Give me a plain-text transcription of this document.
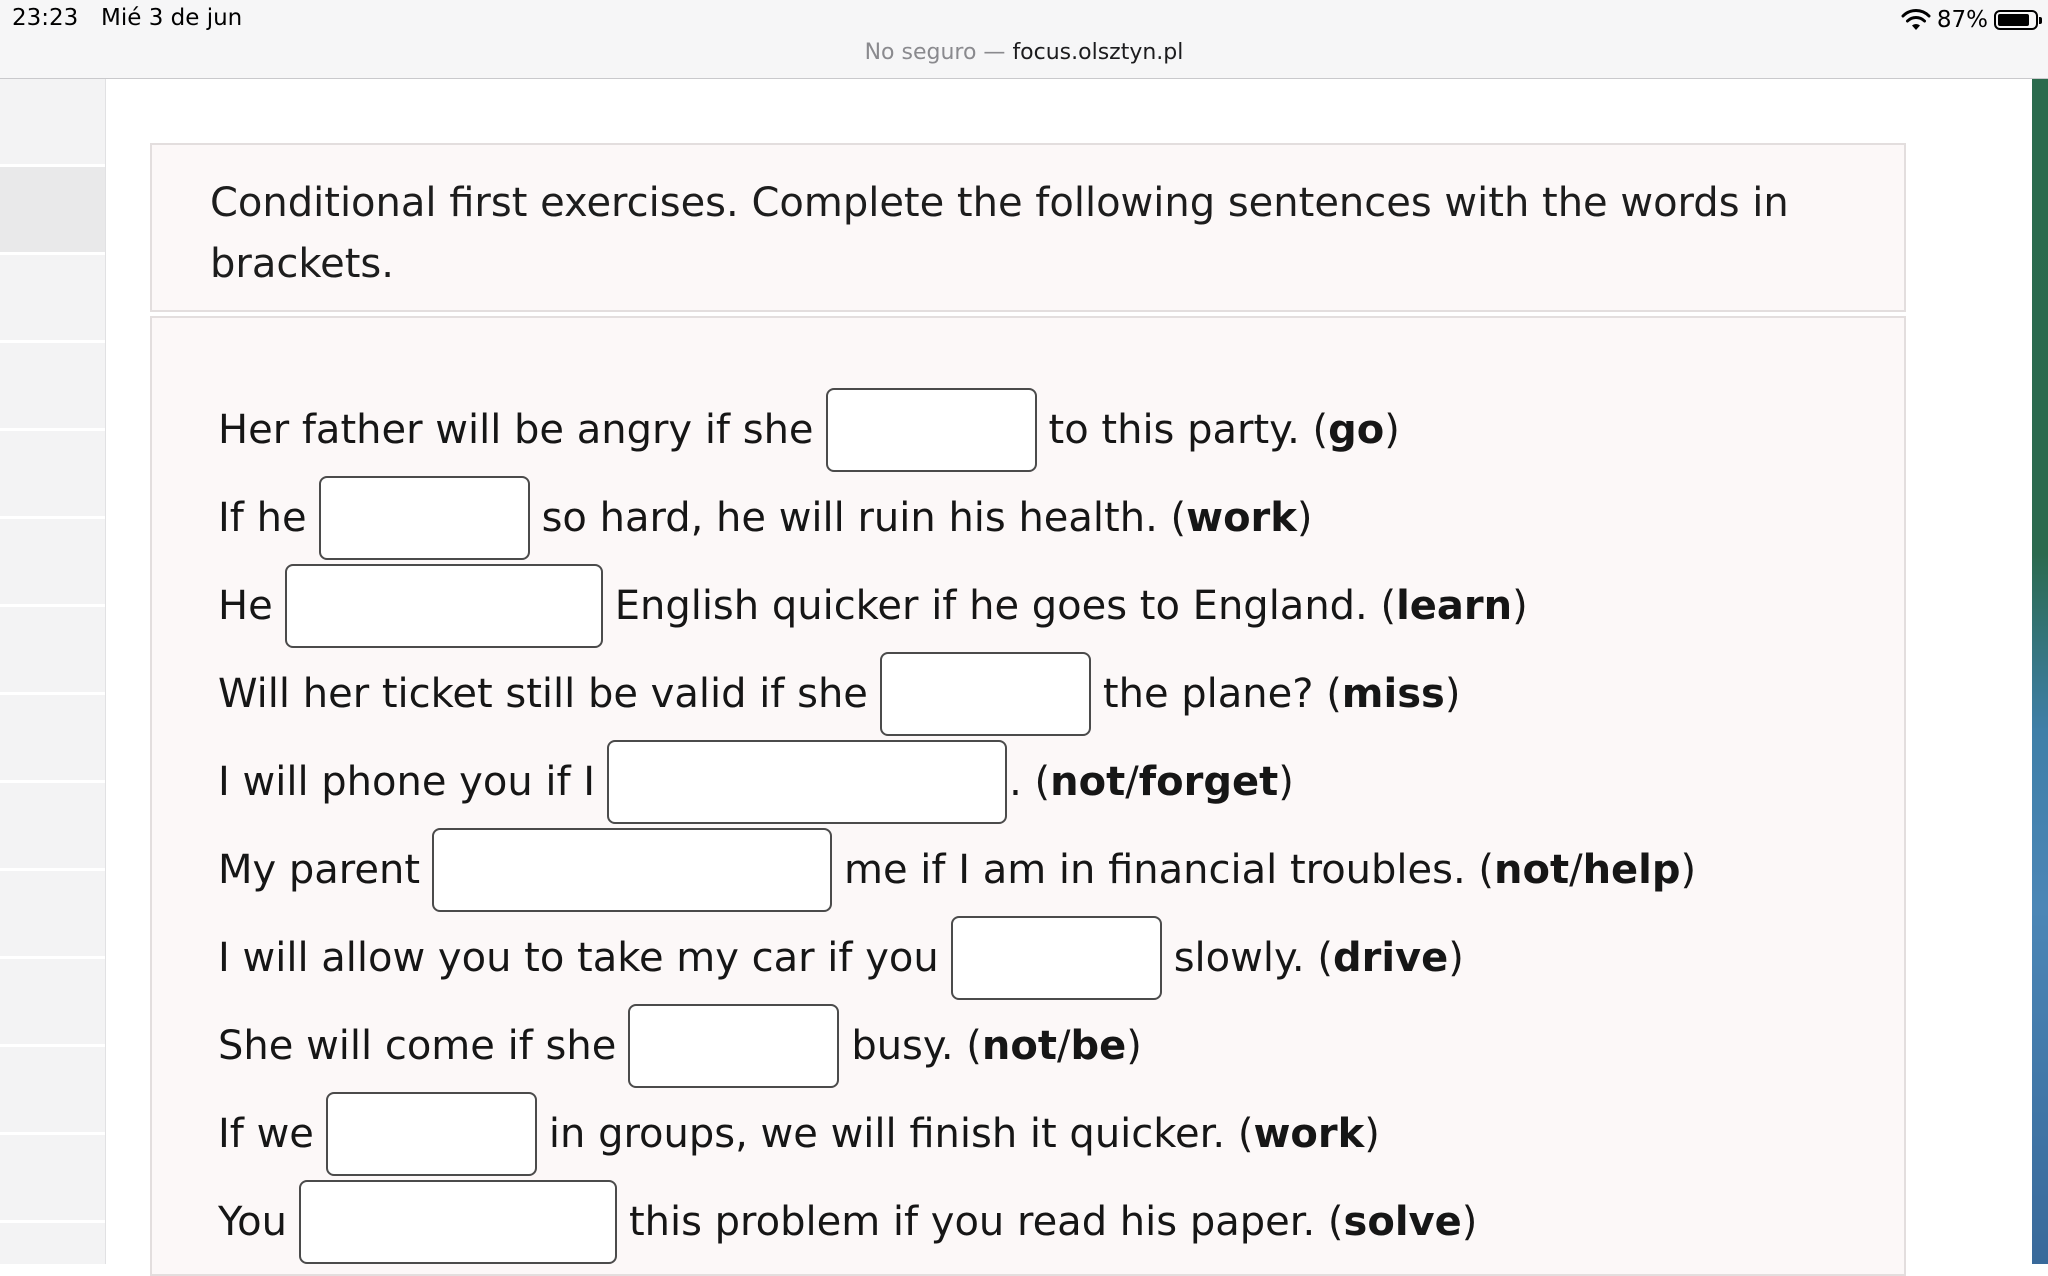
23:23 Mié 3 de jun	87%
No seguro — focus.olsztyn.pl

Conditional first exercises. Complete the following sentences with the words in brackets.

Her father will be angry if she	to this party. ( go )
If he	so hard, he will ruin his health. ( work )
He	English quicker if he goes to England. ( learn )
Will her ticket still be valid if she	the plane? ( miss )
I will phone you if I	. ( not / forget )
My parent	me if I am in financial troubles. ( not / help )
I will allow you to take my car if you	slowly. ( drive )
She will come if she	busy. ( not / be )
If we	in groups, we will finish it quicker. ( work )
You	this problem if you read his paper. ( solve )
